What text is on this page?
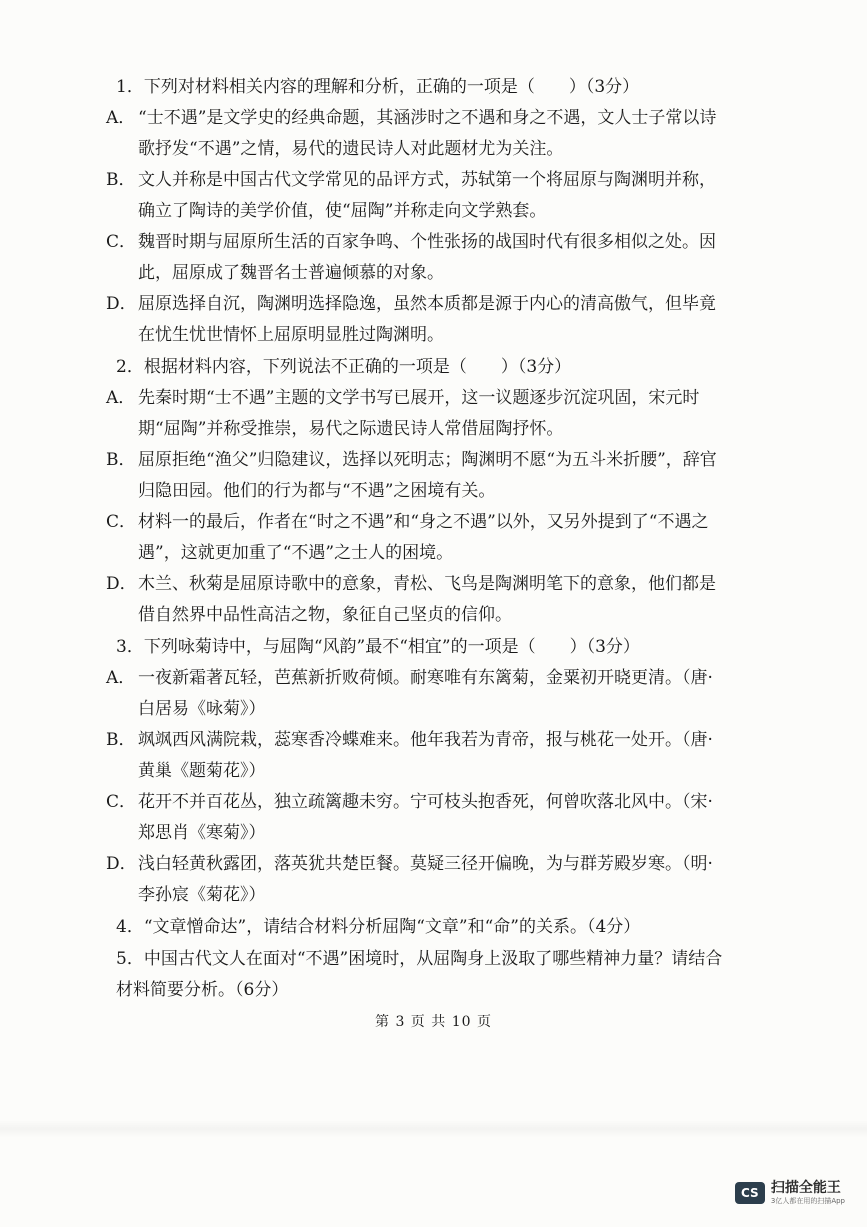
1．下列对材料相关内容的理解和分析，正确的一项是（　　）（3分）
A． “士不遇”是文学史的经典命题，其涵涉时之不遇和身之不遇，文人士子常以诗歌抒发“不遇”之情，易代的遗民诗人对此题材尤为关注。
B． 文人并称是中国古代文学常见的品评方式，苏轼第一个将屈原与陶渊明并称，确立了陶诗的美学价值，使“屈陶”并称走向文学熟套。
C． 魏晋时期与屈原所生活的百家争鸣、个性张扬的战国时代有很多相似之处。因此，屈原成了魏晋名士普遍倾慕的对象。
D．屈原选择自沉，陶渊明选择隐逸，虽然本质都是源于内心的清高傲气，但毕竟在忧生忧世情怀上屈原明显胜过陶渊明。
2．根据材料内容，下列说法不正确的一项是（　　）（3分）
A． 先秦时期“士不遇”主题的文学书写已展开，这一议题逐步沉淀巩固，宋元时期“屈陶”并称受推崇，易代之际遗民诗人常借屈陶抒怀。
B． 屈原拒绝“渔父”归隐建议，选择以死明志；陶渊明不愿“为五斗米折腰”，辞官归隐田园。他们的行为都与“不遇”之困境有关。
C． 材料一的最后，作者在“时之不遇”和“身之不遇”以外，又另外提到了“不遇之遇”，这就更加重了“不遇”之士人的困境。
D．木兰、秋菊是屈原诗歌中的意象，青松、飞鸟是陶渊明笔下的意象，他们都是借自然界中品性高洁之物，象征自己坚贞的信仰。
3．下列咏菊诗中，与屈陶“风韵”最不“相宜”的一项是（　　）（3分）
A． 一夜新霜著瓦轻，芭蕉新折败荷倾。耐寒唯有东篱菊，金粟初开晓更清。（唐·白居易《咏菊》）
B． 飒飒西风满院栽，蕊寒香冷蝶难来。他年我若为青帝，报与桃花一处开。（唐·黄巢《题菊花》）
C． 花开不并百花丛，独立疏篱趣未穷。宁可枝头抱香死，何曾吹落北风中。（宋·郑思肖《寒菊》）
D．浅白轻黄秋露团，落英犹共楚臣餐。莫疑三径开偏晚，为与群芳殿岁寒。（明·李孙宸《菊花》）
4．“文章憎命达”，请结合材料分析屈陶“文章”和“命”的关系。（4分）
5．中国古代文人在面对“不遇”困境时，从屈陶身上汲取了哪些精神力量？请结合材料简要分析。（6分）
第 3 页 共 10 页
CS 扫描全能王
3亿人都在用的扫描App
